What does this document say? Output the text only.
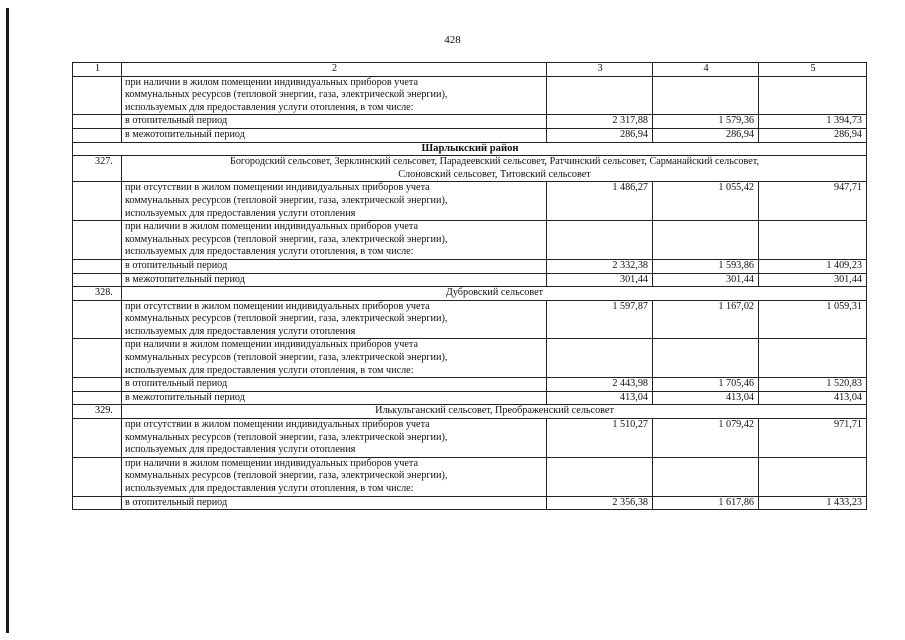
428
1	2	3	4	5

	при наличии в жилом помещении индивидуальных приборов учета
коммунальных ресурсов (тепловой энергии, газа, электрической энергии),
используемых для предоставления услуги отопления, в том числе:			

	в отопительный период	2 317,88	1 579,36	1 394,73
	в межотопительный период	286,94	286,94	286,94
Шарлыкский район				
327.	Богородский сельсовет, Зерклинский сельсовет, Парадеевский сельсовет, Ратчинский сельсовет, Сарманайский сельсовет,
Слоновский сельсовет, Титовский сельсовет			

	при отсутствии в жилом помещении индивидуальных приборов учета
коммунальных ресурсов (тепловой энергии, газа, электрической энергии),
используемых для предоставления услуги отопления	1 486,27	1 055,42	947,71

	при наличии в жилом помещении индивидуальных приборов учета
коммунальных ресурсов (тепловой энергии, газа, электрической энергии),
используемых для предоставления услуги отопления, в том числе:			

	в отопительный период	2 332,38	1 593,86	1 409,23
	в межотопительный период	301,44	301,44	301,44
328.	Дубровский сельсовет			

	при отсутствии в жилом помещении индивидуальных приборов учета
коммунальных ресурсов (тепловой энергии, газа, электрической энергии),
используемых для предоставления услуги отопления	1 597,87	1 167,02	1 059,31

	при наличии в жилом помещении индивидуальных приборов учета
коммунальных ресурсов (тепловой энергии, газа, электрической энергии),
используемых для предоставления услуги отопления, в том числе:			

	в отопительный период	2 443,98	1 705,46	1 520,83
	в межотопительный период	413,04	413,04	413,04
329.	Илькульганский сельсовет, Преображенский сельсовет			

	при отсутствии в жилом помещении индивидуальных приборов учета
коммунальных ресурсов (тепловой энергии, газа, электрической энергии),
используемых для предоставления услуги отопления	1 510,27	1 079,42	971,71

	при наличии в жилом помещении индивидуальных приборов учета
коммунальных ресурсов (тепловой энергии, газа, электрической энергии),
используемых для предоставления услуги отопления, в том числе:			

	в отопительный период	2 356,38	1 617,86	1 433,23
